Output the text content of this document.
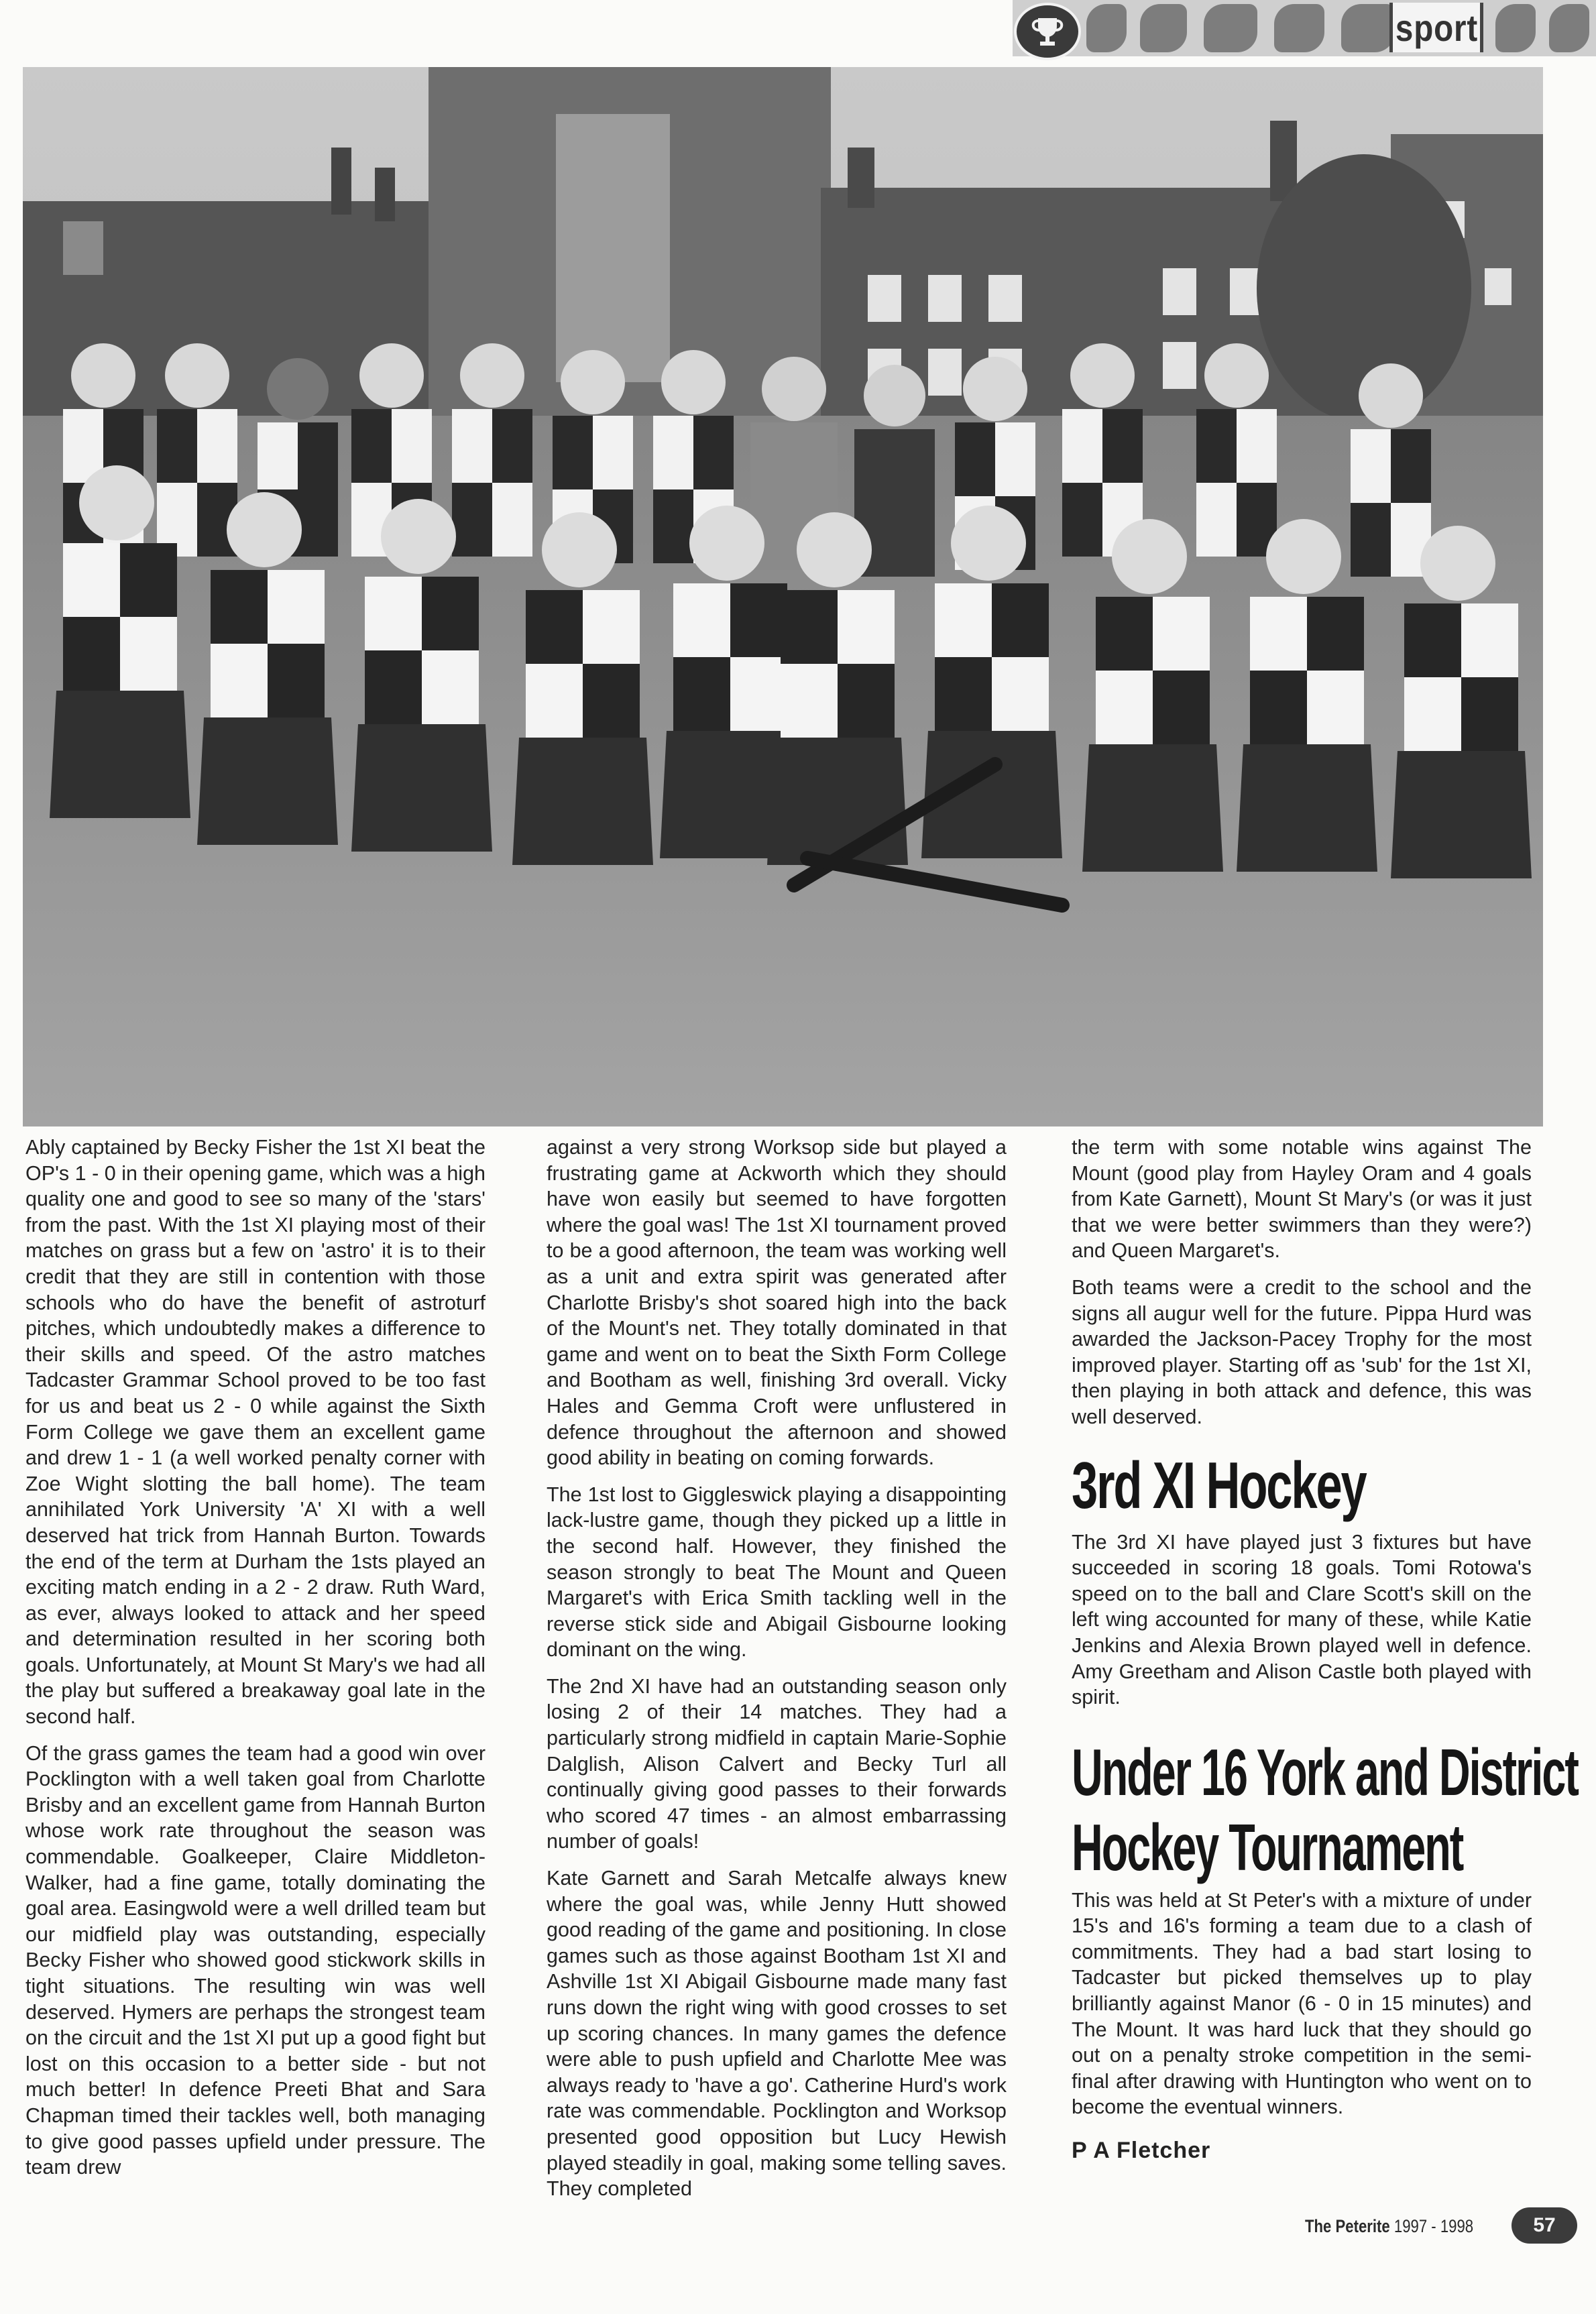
sport

Ably captained by Becky Fisher the 1st XI beat the OP's 1 - 0 in their opening game, which was a high quality one and good to see so many of the 'stars' from the past. With the 1st XI playing most of their matches on grass but a few on 'astro' it is to their credit that they are still in contention with those schools who do have the benefit of astroturf pitches, which undoubtedly makes a difference to their skills and speed. Of the astro matches Tadcaster Grammar School proved to be too fast for us and beat us 2 - 0 while against the Sixth Form College we gave them an excellent game and drew 1 - 1 (a well worked penalty corner with Zoe Wight slotting the ball home). The team annihilated York University 'A' XI with a well deserved hat trick from Hannah Burton. Towards the end of the term at Durham the 1sts played an exciting match ending in a 2 - 2 draw. Ruth Ward, as ever, always looked to attack and her speed and determination resulted in her scoring both goals. Unfortunately, at Mount St Mary's we had all the play but suffered a breakaway goal late in the second half.

Of the grass games the team had a good win over Pocklington with a well taken goal from Charlotte Brisby and an excellent game from Hannah Burton whose work rate throughout the season was commendable. Goalkeeper, Claire Middleton-Walker, had a fine game, totally dominating the goal area. Easingwold were a well drilled team but our midfield play was outstanding, especially Becky Fisher who showed good stickwork skills in tight situations. The resulting win was well deserved. Hymers are perhaps the strongest team on the circuit and the 1st XI put up a good fight but lost on this occasion to a better side - but not much better! In defence Preeti Bhat and Sara Chapman timed their tackles well, both managing to give good passes upfield under pressure. The team drew

against a very strong Worksop side but played a frustrating game at Ackworth which they should have won easily but seemed to have forgotten where the goal was! The 1st XI tournament proved to be a good afternoon, the team was working well as a unit and extra spirit was generated after Charlotte Brisby's shot soared high into the back of the Mount's net. They totally dominated in that game and went on to beat the Sixth Form College and Bootham as well, finishing 3rd overall. Vicky Hales and Gemma Croft were unflustered in defence throughout the afternoon and showed good ability in beating on coming forwards.

The 1st lost to Giggleswick playing a disappointing lack-lustre game, though they picked up a little in the second half. However, they finished the season strongly to beat The Mount and Queen Margaret's with Erica Smith tackling well in the reverse stick side and Abigail Gisbourne looking dominant on the wing.

The 2nd XI have had an outstanding season only losing 2 of their 14 matches. They had a particularly strong midfield in captain Marie-Sophie Dalglish, Alison Calvert and Becky Turl all continually giving good passes to their forwards who scored 47 times - an almost embarrassing number of goals!

Kate Garnett and Sarah Metcalfe always knew where the goal was, while Jenny Hutt showed good reading of the game and positioning. In close games such as those against Bootham 1st XI and Ashville 1st XI Abigail Gisbourne made many fast runs down the right wing with good crosses to set up scoring chances. In many games the defence were able to push upfield and Charlotte Mee was always ready to 'have a go'. Catherine Hurd's work rate was commendable. Pocklington and Worksop presented good opposition but Lucy Hewish played steadily in goal, making some telling saves. They completed

the term with some notable wins against The Mount (good play from Hayley Oram and 4 goals from Kate Garnett), Mount St Mary's (or was it just that we were better swimmers than they were?) and Queen Margaret's.

Both teams were a credit to the school and the signs all augur well for the future. Pippa Hurd was awarded the Jackson-Pacey Trophy for the most improved player. Starting off as 'sub' for the 1st XI, then playing in both attack and defence, this was well deserved.

3rd XI Hockey

The 3rd XI have played just 3 fixtures but have succeeded in scoring 18 goals. Tomi Rotowa's speed on to the ball and Clare Scott's skill on the left wing accounted for many of these, while Katie Jenkins and Alexia Brown played well in defence. Amy Greetham and Alison Castle both played with spirit.

Under 16 York and District
Hockey Tournament

This was held at St Peter's with a mixture of under 15's and 16's forming a team due to a clash of commitments. They had a bad start losing to Tadcaster but picked themselves up to play brilliantly against Manor (6 - 0 in 15 minutes) and The Mount. It was hard luck that they should go out on a penalty stroke competition in the semi-final after drawing with Huntington who went on to become the eventual winners.

P A Fletcher
The Peterite 1997 - 1998	57
